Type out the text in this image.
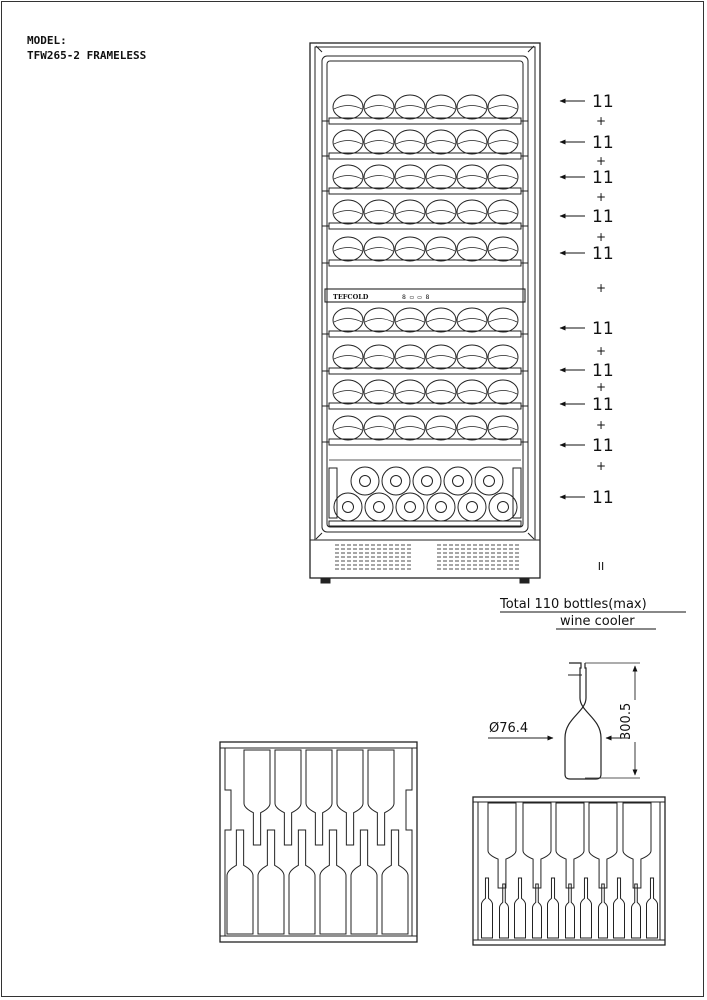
MODEL:
TFW265-2 FRAMELESS
TEFCOLD	8 ▭ ▭ 8
11
11
11
11
11
11
11
11
11
11
+
+
+
+
+
+
+
+
+
II
Total 110 bottles(max)
wine cooler
300.5
Ø76.4
